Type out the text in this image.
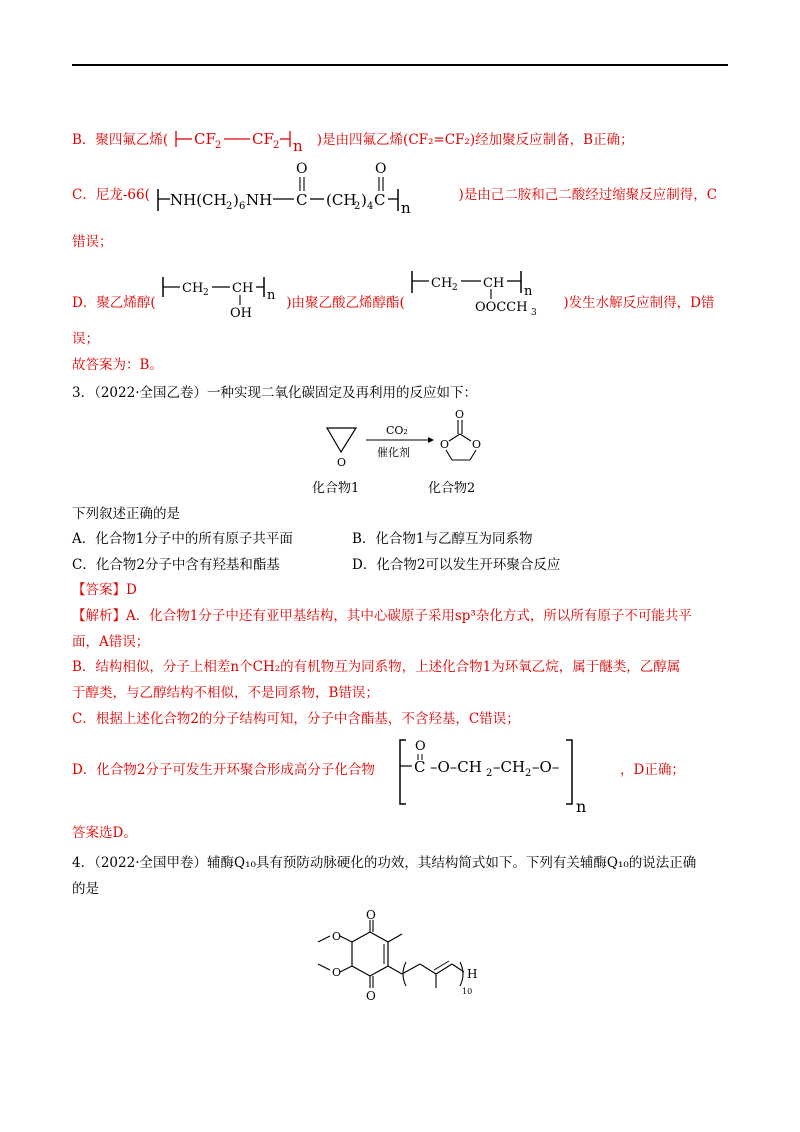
B．聚四氟乙烯( CF 2 CF 2 n )是由四氟乙烯(CF₂=CF₂)经加聚反应制备，B正确；
C．尼龙-66( NH(CH 2 ) 6 NH C
O
(CH
2 ) 4 C
O
n
)是由己二胺和己二酸经过缩聚反应制得，C
错误；
D．聚乙烯醇(
CH 2 CH n
OH
)由聚乙酸乙烯醇酯(
CH 2 CH
n
OOCCH 3
)发生水解反应制得，D错
误；
故答案为：B。
3．（2022·全国乙卷）一种实现二氧化碳固定及再利用的反应如下：
O
CO₂
催化剂
O O
O
化合物1	化合物2
下列叙述正确的是
A．化合物1分子中的所有原子共平面	B．化合物1与乙醇互为同系物
C．化合物2分子中含有羟基和酯基	D．化合物2可以发生开环聚合反应
【答案】D
【解析】A．化合物1分子中还有亚甲基结构，其中心碳原子采用sp³杂化方式，所以所有原子不可能共平
面，A错误；
B．结构相似，分子上相差n个CH₂的有机物互为同系物，上述化合物1为环氧乙烷，属于醚类，乙醇属
于醇类，与乙醇结构不相似，不是同系物，B错误；
C．根据上述化合物2的分子结构可知，分子中含酯基，不含羟基，C错误；
D．化合物2分子可发生开环聚合形成高分子化合物	C
O
–O–CH 2 –CH 2 –O–
n
，D正确；
答案选D。
4．（2022·全国甲卷）辅酶Q₁₀具有预防动脉硬化的功效，其结构简式如下。下列有关辅酶Q₁₀的说法正确
的是
O
O
O
O	H
10
